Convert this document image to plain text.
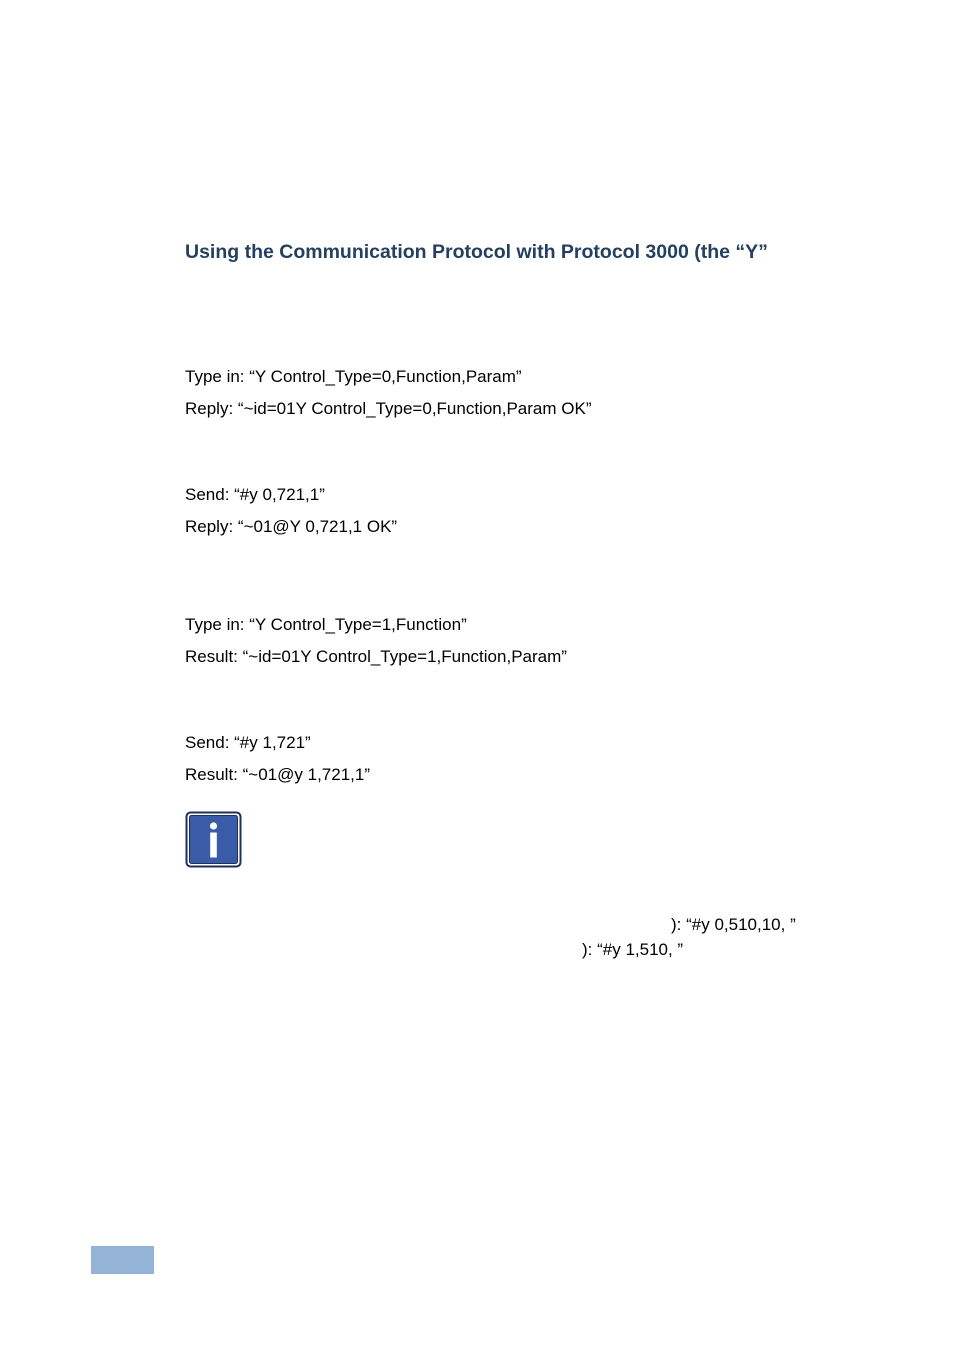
Using the Communication Protocol with Protocol 3000 (the “Y”
Type in: “Y Control_Type=0,Function,Param”
Reply: “~id=01Y Control_Type=0,Function,Param OK”
Send: “#y 0,721,1”
Reply: “~01@Y 0,721,1 OK”
Type in: “Y Control_Type=1,Function”
Result: “~id=01Y Control_Type=1,Function,Param”
Send: “#y 1,721”
Result: “~01@y 1,721,1”
): “#y 0,510,10, ”
): “#y 1,510, ”
